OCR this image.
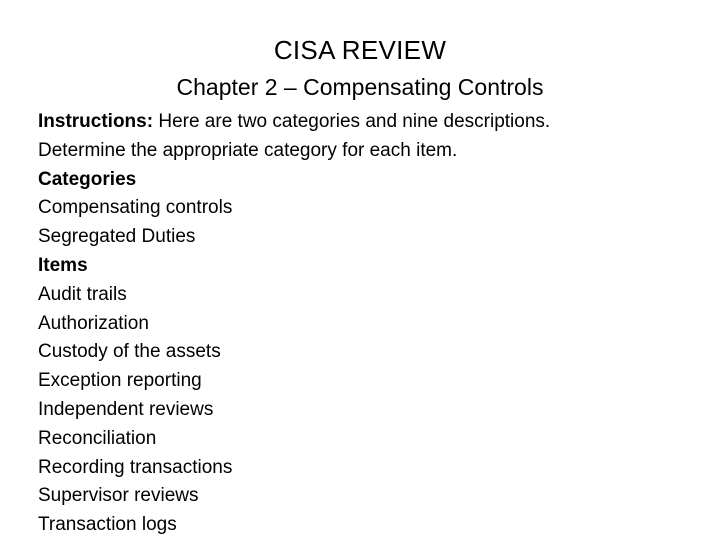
CISA REVIEW
Chapter 2 – Compensating Controls
Instructions: Here are two categories and nine descriptions.
Determine the appropriate category for each item.
Categories
Compensating controls
Segregated Duties
Items
Audit trails
Authorization
Custody of the assets
Exception reporting
Independent reviews
Reconciliation
Recording transactions
Supervisor reviews
Transaction logs
